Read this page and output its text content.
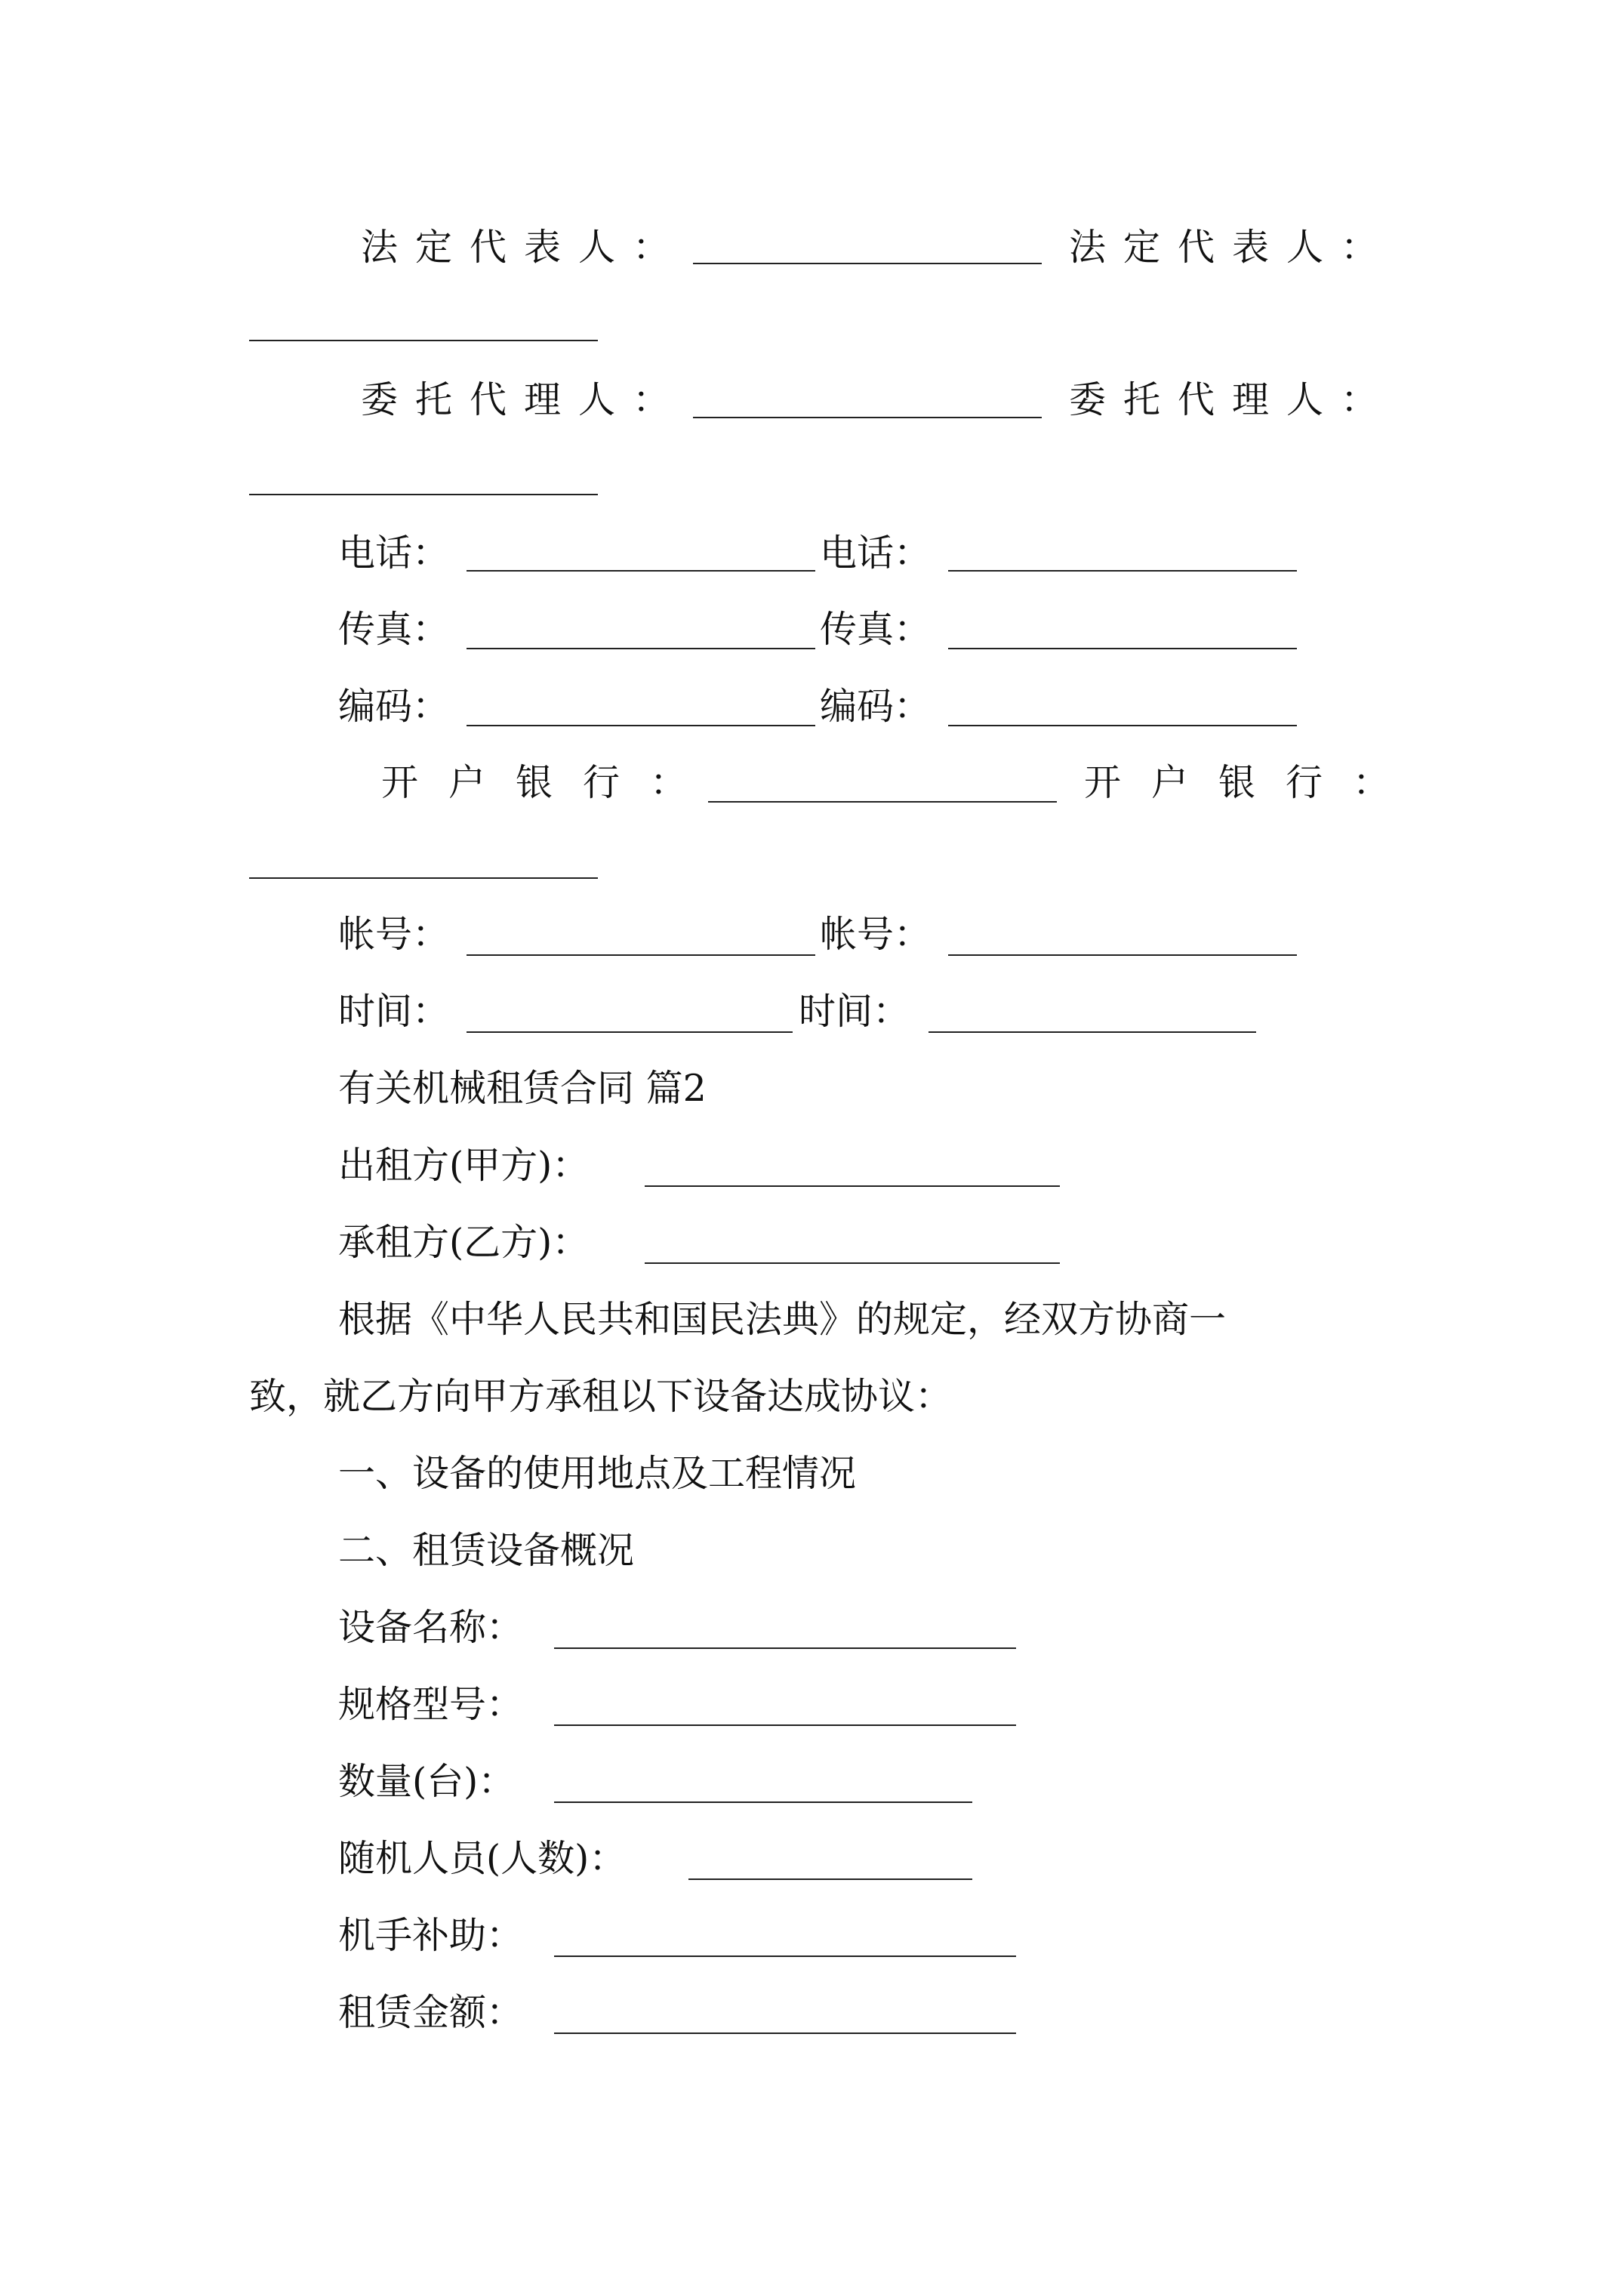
法定代表人：	法定代表人：
委托代理人：	委托代理人：
电话：	电话：
传真：	传真：
编码：	编码：
开户银行：	开户银行：
帐号：	帐号：
时间：	时间：
有关机械租赁合同 篇2
出租方(甲方)：
承租方(乙方)：
根据《中华人民共和国民法典》的规定，经双方协商一
致，就乙方向甲方承租以下设备达成协议：
一、设备的使用地点及工程情况
二、租赁设备概况
设备名称：
规格型号：
数量(台)：
随机人员(人数)：
机手补助：
租赁金额：
